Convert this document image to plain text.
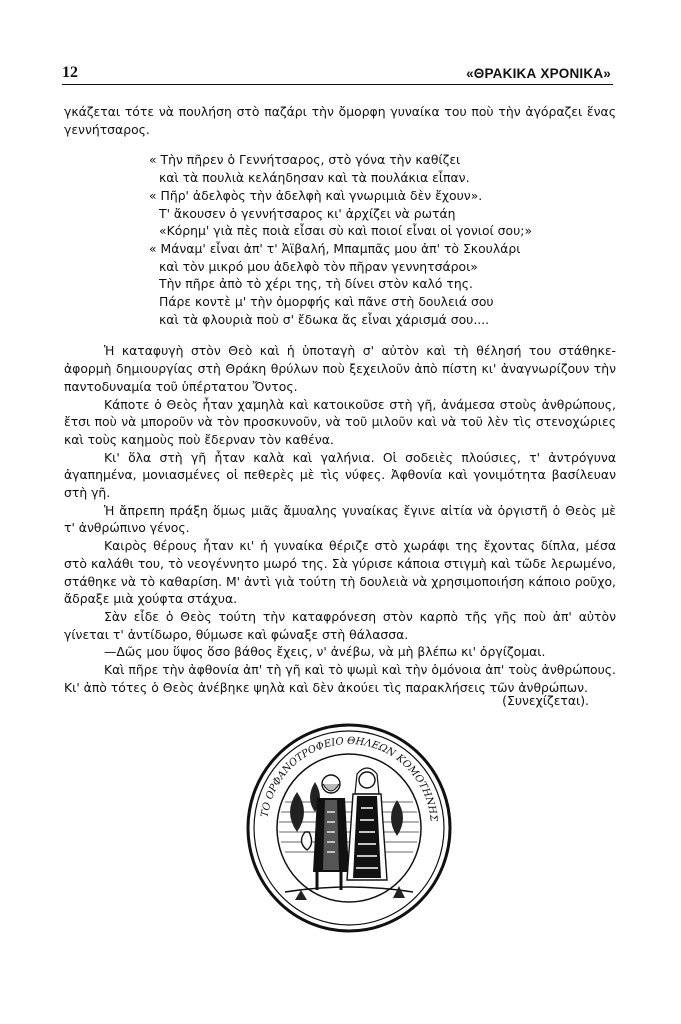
12	«ΘΡΑΚΙΚΑ ΧΡΟΝΙΚΑ»

γκάζεται τότε νὰ πουλήση στὸ παζάρι τὴν ὄμορφη γυναίκα του ποὺ τὴν ἀγόραζει ἕνας γεννήτσαρος.

« Τὴν πῆρεν ὁ Γεννήτσαρος, στὸ γόνα τὴν καθίζει
καὶ τὰ πουλιὰ κελάηδησαν καὶ τὰ πουλάκια εἶπαν.
« Πῆρ' ἀδελφὸς τὴν ἀδελφὴ καὶ γνωριμιὰ δὲν ἔχουν».
Τ' ἄκουσεν ὁ γεννήτσαρος κι' ἀρχίζει νὰ ρωτάη
«Κόρημ' γιὰ πὲς ποιὰ εἶσαι σὺ καὶ ποιοί εἶναι οἱ γονιοί σου;»
« Μάναμ' εἶναι ἀπ' τ' Ἀϊβαλή, Μπαμπᾶς μου ἀπ' τὸ Σκουλάρι
καὶ τὸν μικρό μου ἀδελφὸ τὸν πῆραν γεννητσάροι»
Τὴν πῆρε ἀπὸ τὸ χέρι της, τὴ δίνει στὸν καλό της.
Πάρε κοντὲ μ' τὴν ὀμορφής καὶ πᾶνε στὴ δουλειά σου
καὶ τὰ φλουριὰ ποὺ σ' ἔδωκα ἄς εἶναι χάρισμά σου....

Ἡ καταφυγὴ στὸν Θεὸ καὶ ἡ ὑποταγὴ σ' αὐτὸν καὶ τὴ θέλησή του στάθηκε-ἀφορμὴ δημιουργίας στὴ Θράκη θρύλων ποὺ ξεχειλοῦν ἀπὸ πίστη κι' ἀναγνωρίζουν τὴν παντοδυναμία τοῦ ὑπέρτατου Ὄντος.

Κάποτε ὁ Θεὸς ἦταν χαμηλὰ καὶ κατοικοῦσε στὴ γῆ, ἀνάμεσα στοὺς ἀνθρώπους, ἔτσι ποὺ νὰ μποροῦν νὰ τὸν προσκυνοῦν, νὰ τοῦ μιλοῦν καὶ νὰ τοῦ λὲν τὶς στενοχώριες καὶ τοὺς καημοὺς ποὺ ἔδερναν τὸν καθένα.

Κι' ὅλα στὴ γῆ ἦταν καλὰ καὶ γαλήνια. Οἱ σοδειὲς πλούσιες, τ' ἀντρόγυνα ἀγαπημένα, μονιασμένες οἱ πεθερὲς μὲ τὶς νύφες. Ἀφθονία καὶ γονιμότητα βασίλευαν στὴ γῆ.

Ἡ ἄπρεπη πράξη ὅμως μιᾶς ἄμυαλης γυναίκας ἔγινε αἰτία νὰ ὀργιστῆ ὁ Θεὸς μὲ τ' ἀνθρώπινο γένος.

Καιρὸς θέρους ἦταν κι' ἡ γυναίκα θέριζε στὸ χωράφι της ἔχοντας δίπλα, μέσα στὸ καλάθι του, τὸ νεογέννητο μωρό της. Σὰ γύρισε κάποια στιγμὴ καὶ τῶδε λερωμένο, στάθηκε νὰ τὸ καθαρίση. Μ' ἀντὶ γιὰ τούτη τὴ δουλειὰ νὰ χρησιμοποιήση κάποιο ροῦχο, ἄδραξε μιὰ χούφτα στάχυα.

Σὰν εἶδε ὁ Θεὸς τούτη τὴν καταφρόνεση στὸν καρπὸ τῆς γῆς ποὺ ἀπ' αὐτὸν γίνεται τ' ἀντίδωρο, θύμωσε καὶ φώναξε στὴ θάλασσα.

—Δῶς μου ὕψος ὅσο βάθος ἔχεις, ν' ἀνέβω, νὰ μὴ βλέπω κι' ὀργίζομαι.

Καὶ πῆρε τὴν ἀφθονία ἀπ' τὴ γῆ καὶ τὸ ψωμὶ καὶ τὴν ὁμόνοια ἀπ' τοὺς ἀνθρώπους. Κι' ἀπὸ τότες ὁ Θεὸς ἀνέβηκε ψηλὰ καὶ δὲν ἀκούει τὶς παρακλήσεις τῶν ἀνθρώπων.

(Συνεχίζεται).
ΤΟ ΟΡΦΑΝΟΤΡΟΦΕΙΟ ΘΗΛΕΩΝ ΚΟΜΟΤΗΝΗΣ
